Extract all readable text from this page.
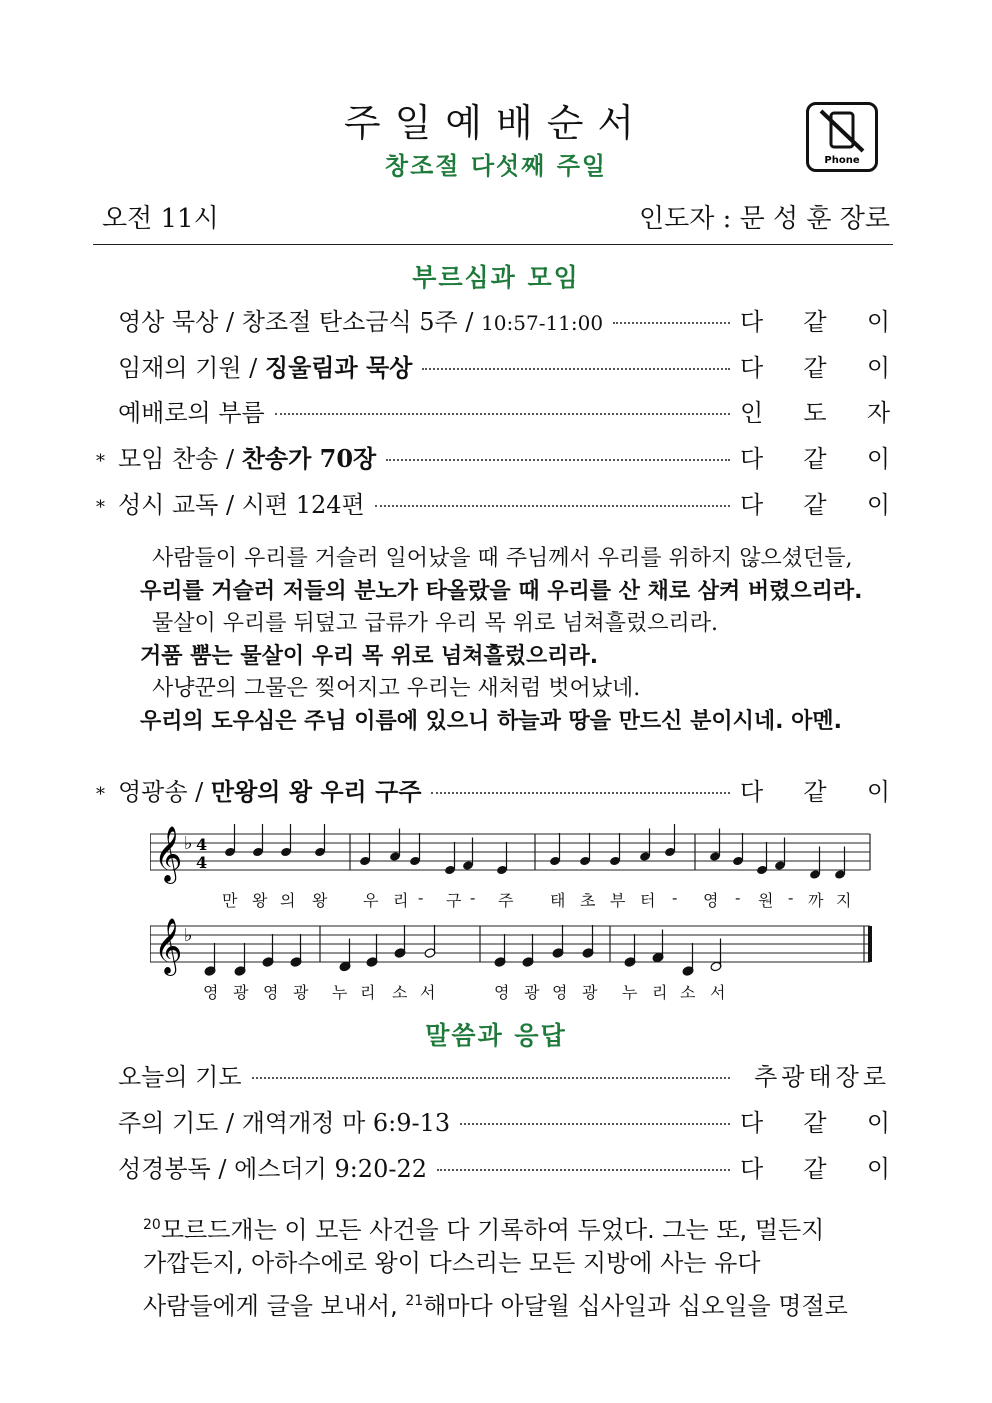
주일예배순서
창조절 다섯째 주일	Phone
오전 11시	인도자 : 문 성 훈 장로
부르심과 모임
영상 묵상 / 창조절 탄소금식 5주 / 10:57-11:00	다 같 이
임재의 기원 / 징울림과 묵상	다 같 이
예배로의 부름	인 도 자
* 모임 찬송 / 찬송가 70장	다 같 이
* 성시 교독 / 시편 124편	다 같 이

사람들이 우리를 거슬러 일어났을 때 주님께서 우리를 위하지 않으셨던들,

우리를 거슬러 저들의 분노가 타올랐을 때 우리를 산 채로 삼켜 버렸으리라.

물살이 우리를 뒤덮고 급류가 우리 목 위로 넘쳐흘렀으리라.

거품 뿜는 물살이 우리 목 위로 넘쳐흘렀으리라.

사냥꾼의 그물은 찢어지고 우리는 새처럼 벗어났네.

우리의 도우심은 주님 이름에 있으니 하늘과 땅을 만드신 분이시네. 아멘.

* 영광송 / 만왕의 왕 우리 구주	다 같 이
𝄞 ♭ 4
4
𝄞 ♭
만 왕 의 왕 우 리 - 구 - 주 태 초 부 터 - 영 - 원 - 까 지
영 광 영 광 누 리 소 서	영 광 영 광 누 리 소 서
말씀과 응답
오늘의 기도	추광태장로
주의 기도 / 개역개정 마 6:9-13	다 같 이
성경봉독 / 에스더기 9:20-22	다 같 이

$^{20}$모르드개는 이 모든 사건을 다 기록하여 두었다. 그는 또, 멀든지

가깝든지, 아하수에로 왕이 다스리는 모든 지방에 사는 유다

사람들에게 글을 보내서, $^{21}$해마다 아달월 십사일과 십오일을 명절로
